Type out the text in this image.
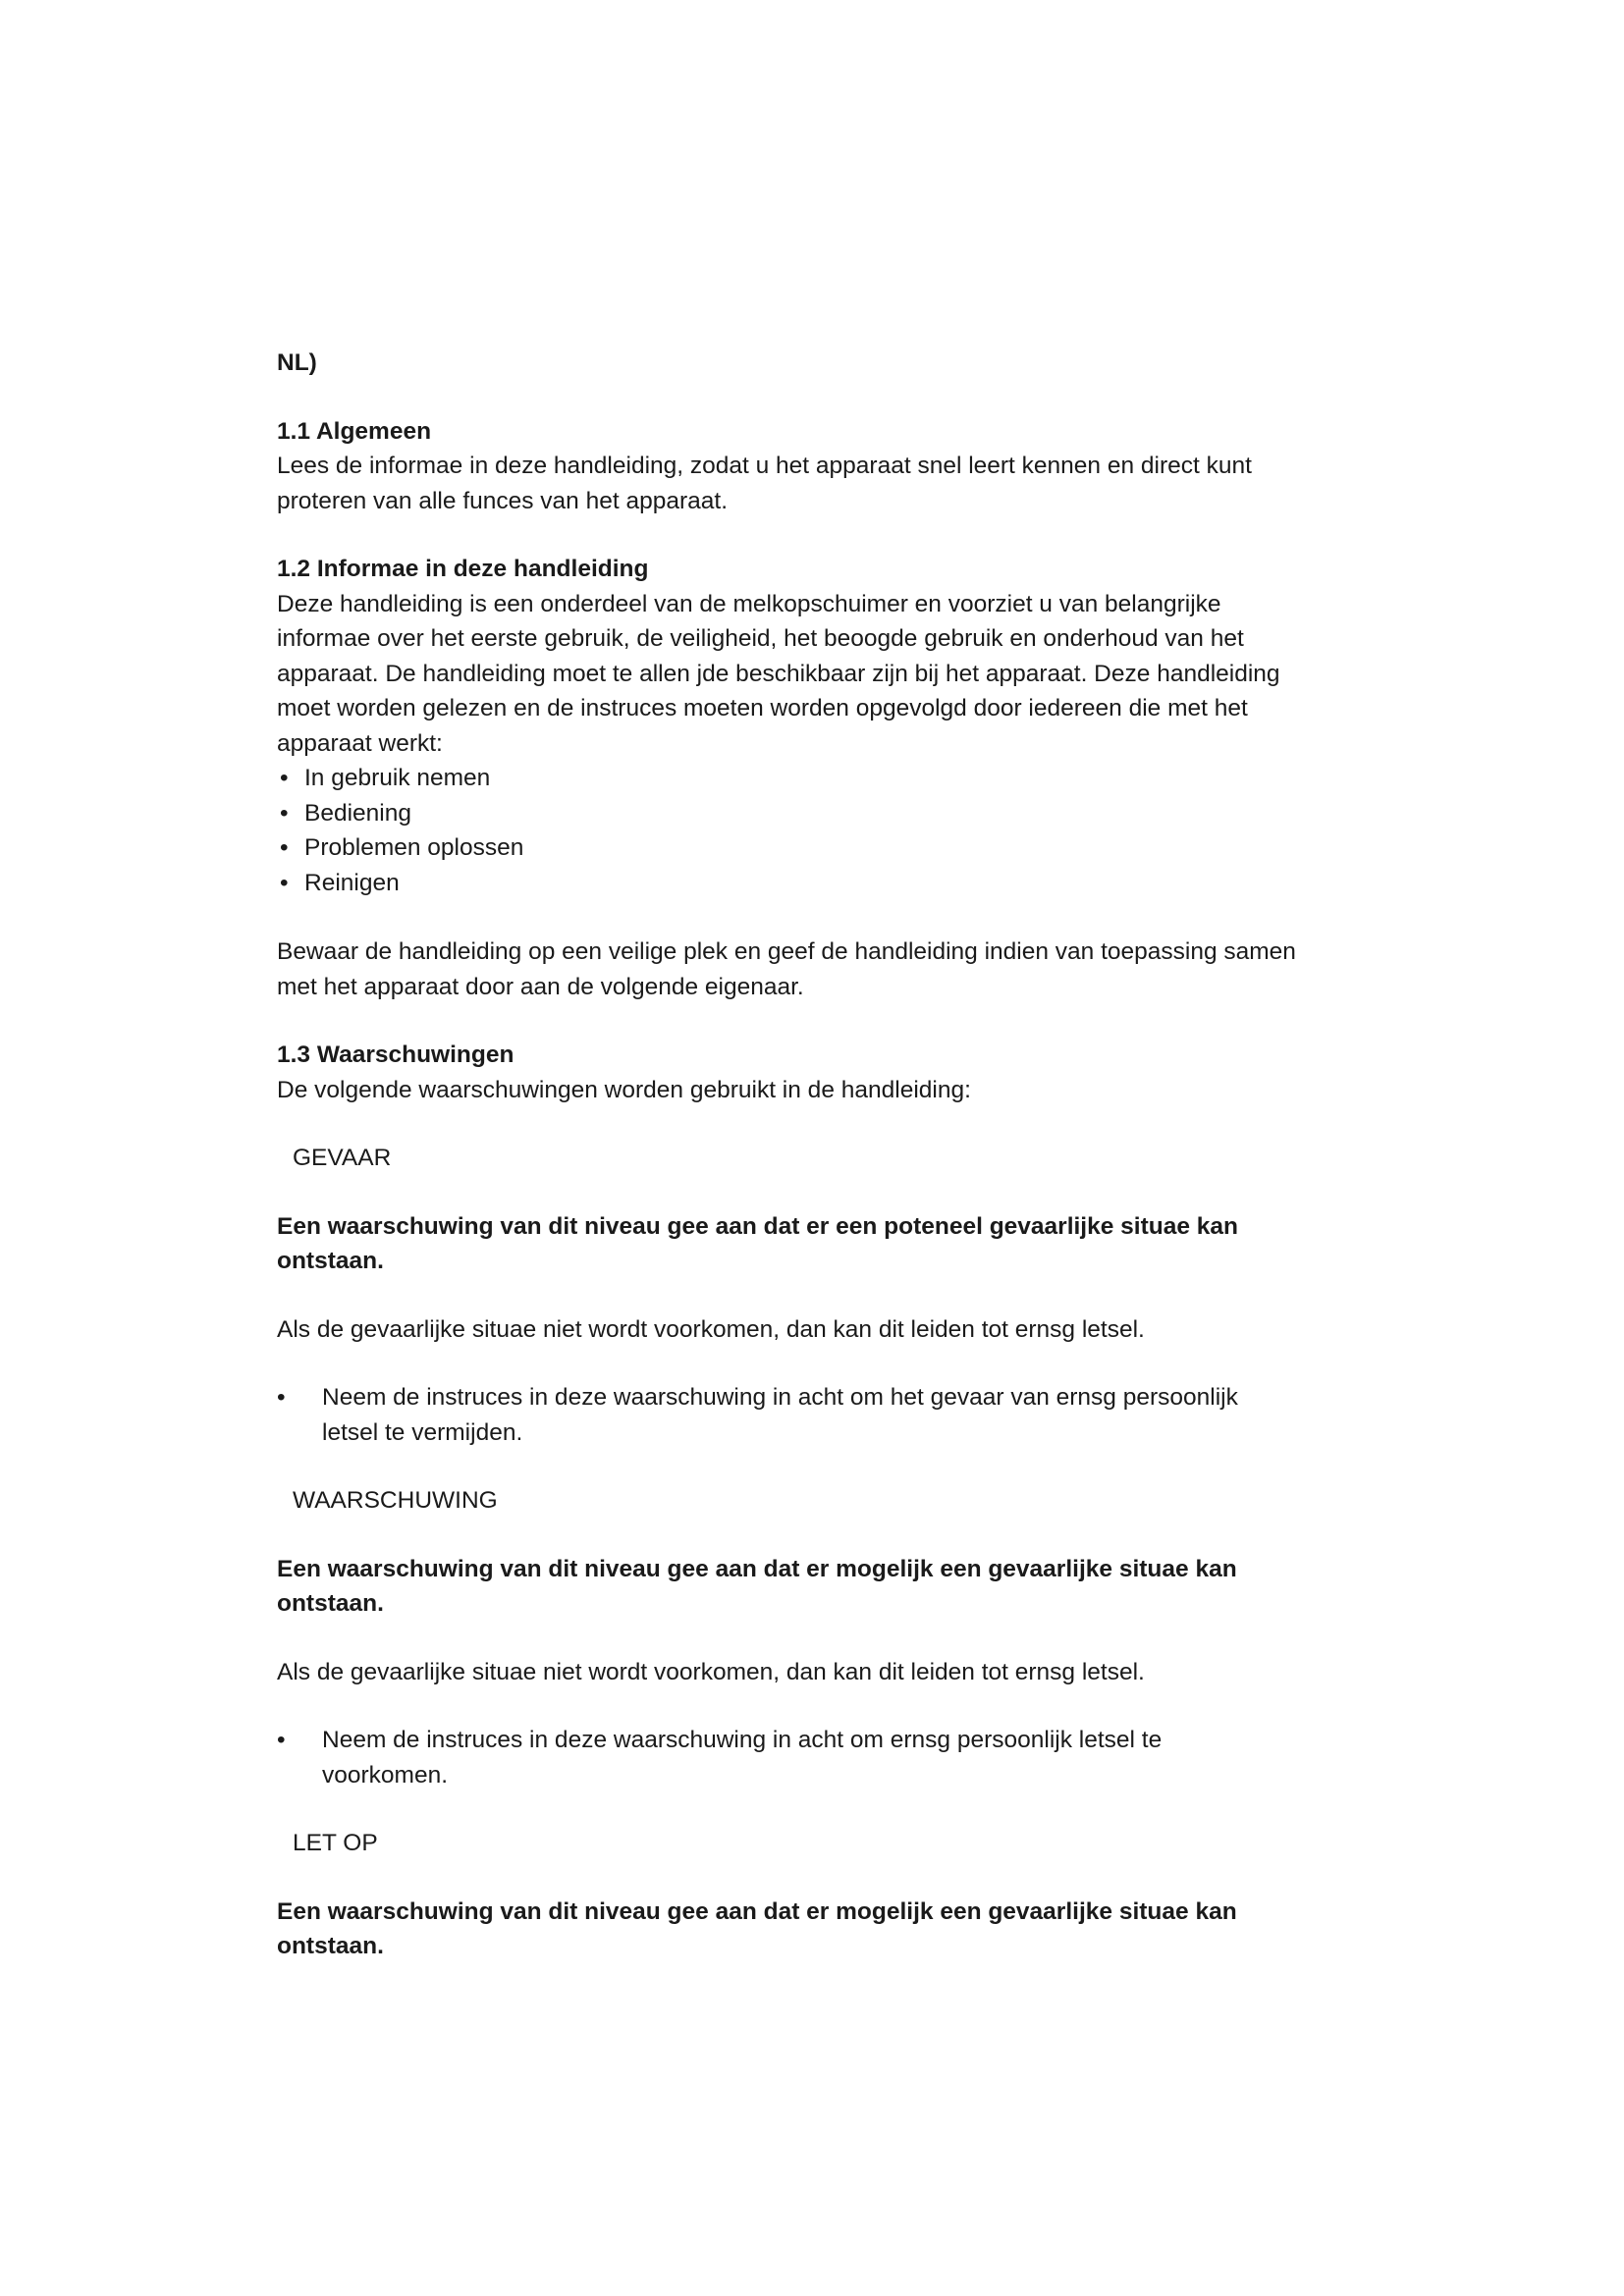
NL)

1.1 Algemeen

Lees de informae in deze handleiding, zodat u het apparaat snel leert kennen en direct kunt

proteren van alle funces van het apparaat.

1.2 Informae in deze handleiding

Deze handleiding is een onderdeel van de melkopschuimer en voorziet u van belangrijke

informae over het eerste gebruik, de veiligheid, het beoogde gebruik en onderhoud van het

apparaat. De handleiding moet te allen jde beschikbaar zijn bij het apparaat. Deze handleiding

moet worden gelezen en de instruces moeten worden opgevolgd door iedereen die met het

apparaat werkt:

• In gebruik nemen
• Bediening
• Problemen oplossen
• Reinigen

Bewaar de handleiding op een veilige plek en geef de handleiding indien van toepassing samen

met het apparaat door aan de volgende eigenaar.

1.3 Waarschuwingen

De volgende waarschuwingen worden gebruikt in de handleiding:

GEVAAR

Een waarschuwing van dit niveau gee aan dat er een poteneel gevaarlijke situae kan
ontstaan.

Als de gevaarlijke situae niet wordt voorkomen, dan kan dit leiden tot ernsg letsel.

• Neem de instruces in deze waarschuwing in acht om het gevaar van ernsg persoonlijk
letsel te vermijden.

WAARSCHUWING

Een waarschuwing van dit niveau gee aan dat er mogelijk een gevaarlijke situae kan
ontstaan.

Als de gevaarlijke situae niet wordt voorkomen, dan kan dit leiden tot ernsg letsel.

• Neem de instruces in deze waarschuwing in acht om ernsg persoonlijk letsel te
voorkomen.

LET OP

Een waarschuwing van dit niveau gee aan dat er mogelijk een gevaarlijke situae kan
ontstaan.
